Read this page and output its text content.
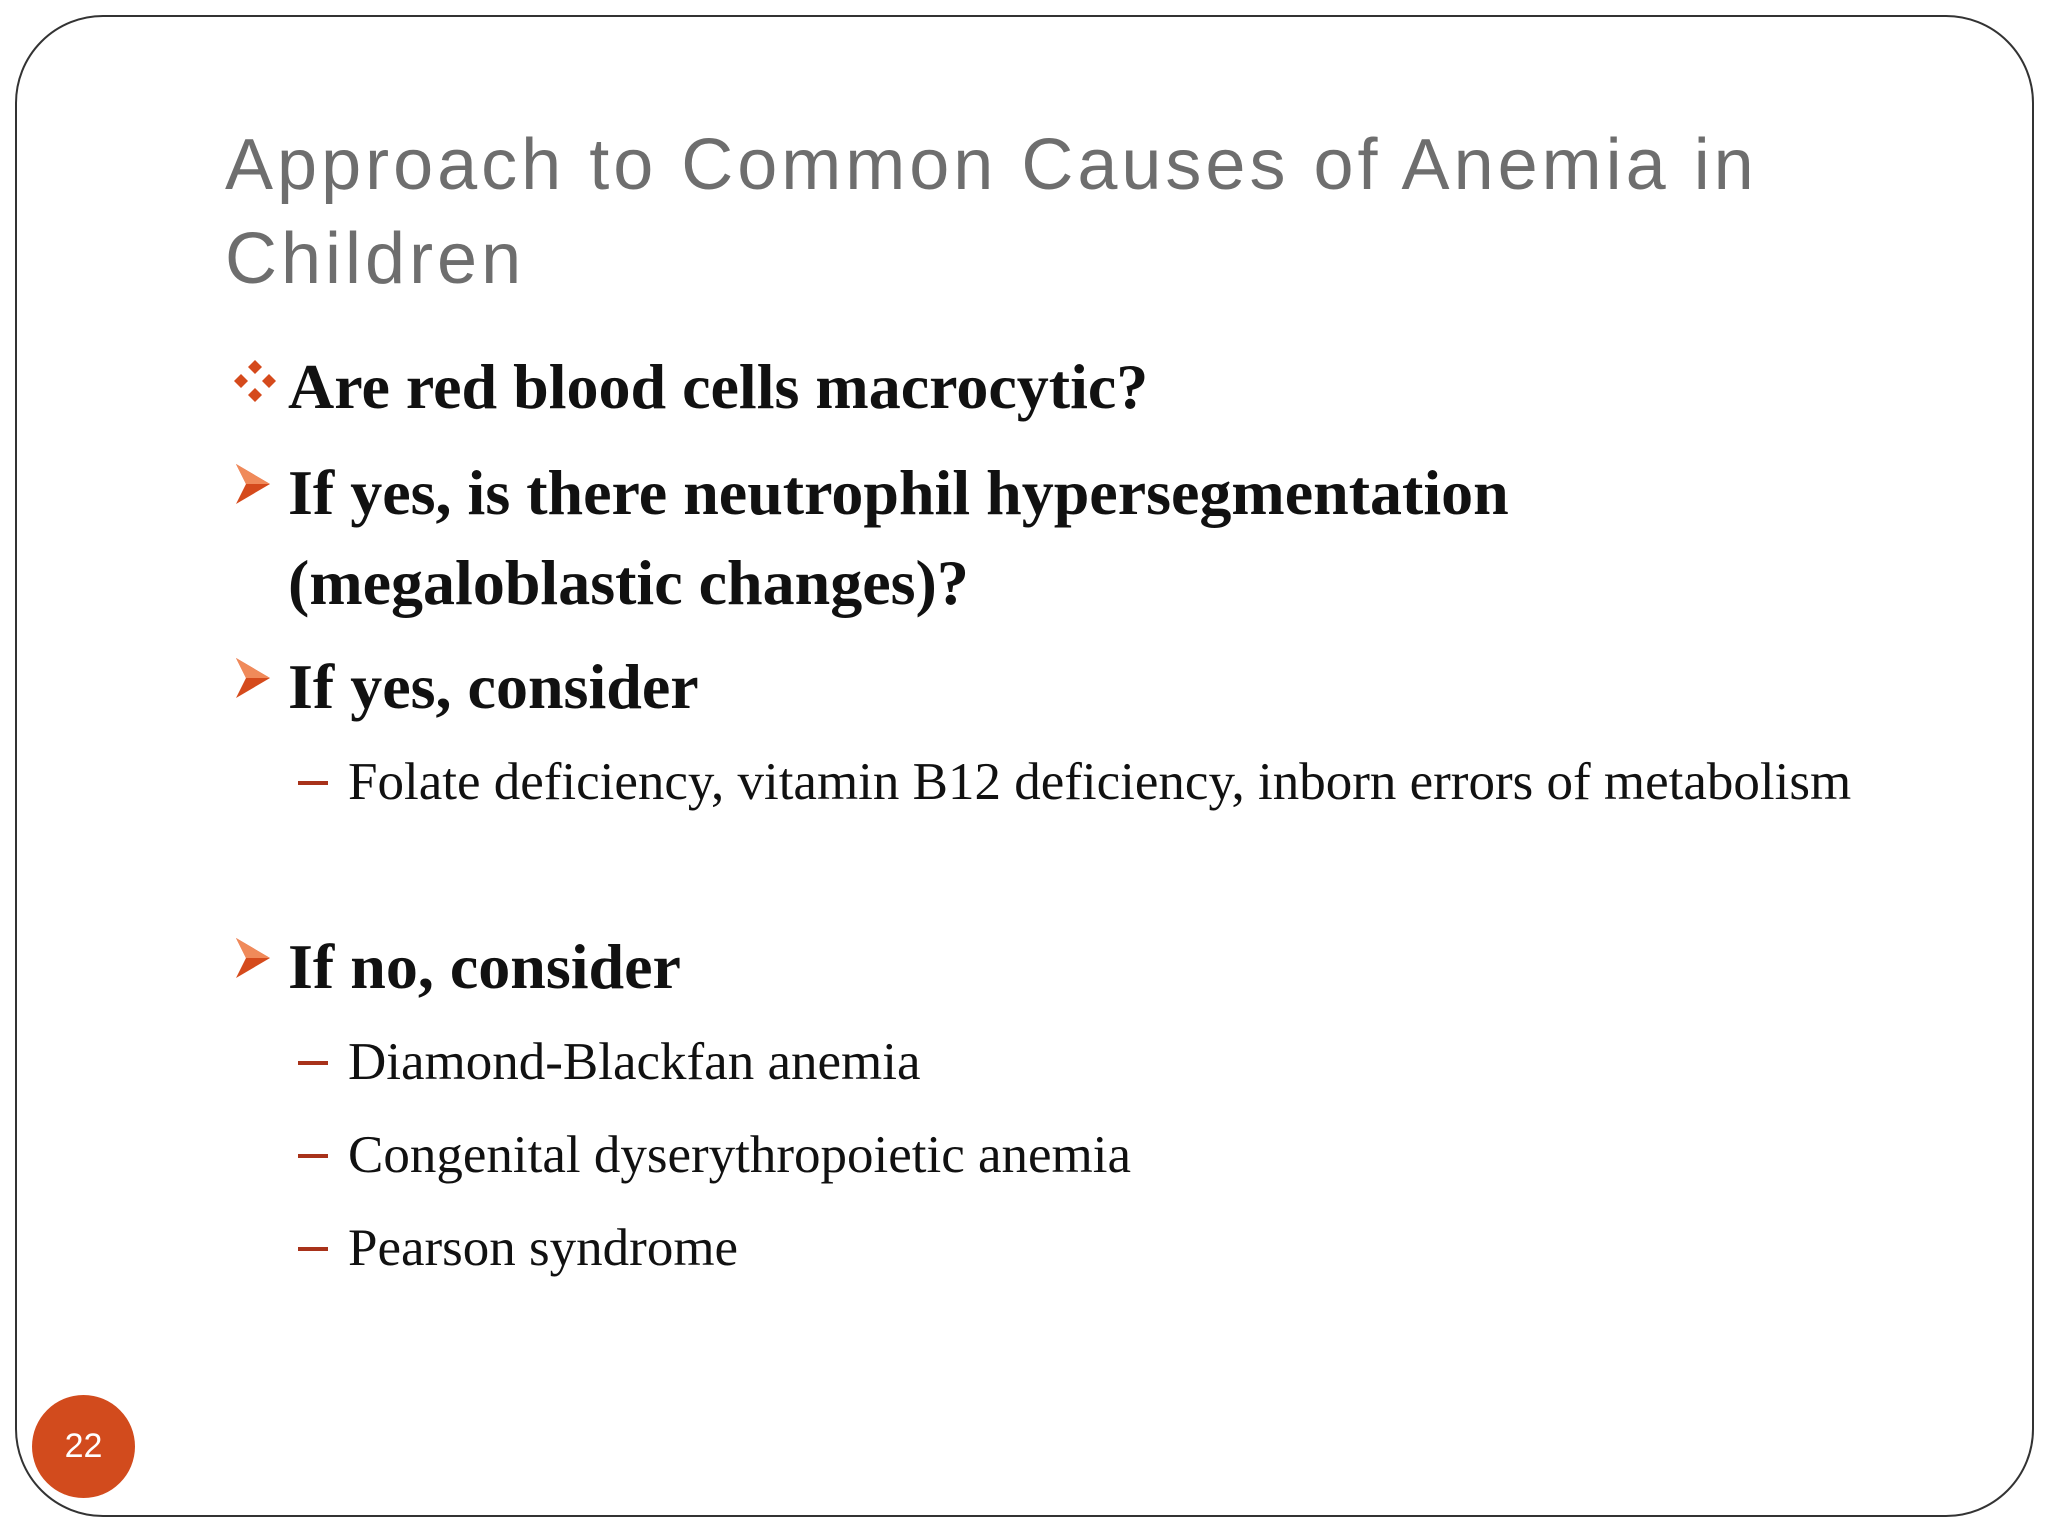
Approach to Common Causes of Anemia in Children
Are red blood cells macrocytic?
If yes, is there neutrophil hypersegmentation (megaloblastic changes)?
If yes, consider
Folate deficiency, vitamin B12 deficiency, inborn errors of metabolism
If no, consider
Diamond-Blackfan anemia
Congenital dyserythropoietic anemia
Pearson syndrome
22
